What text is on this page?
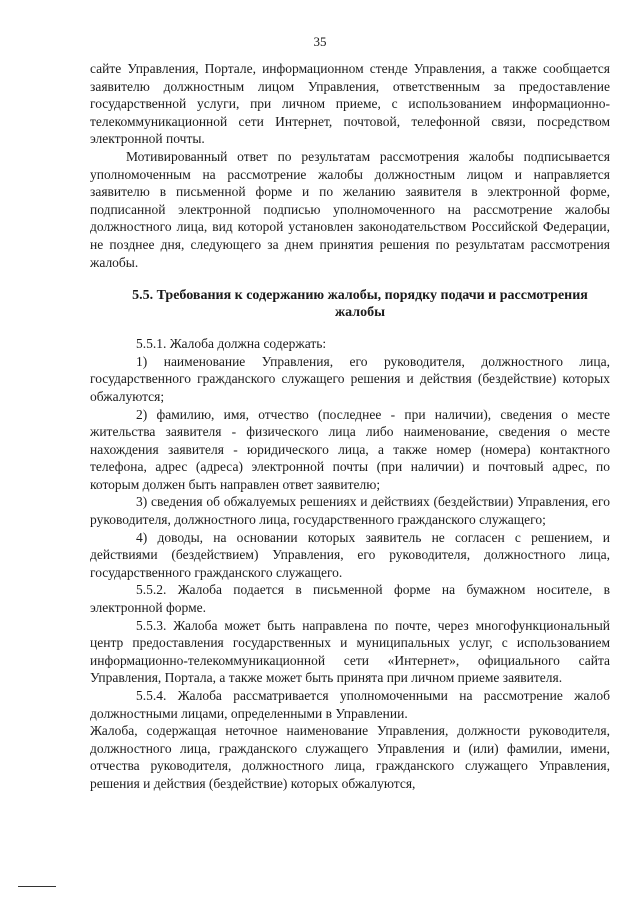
35

сайте Управления, Портале, информационном стенде Управления, а также сообщается заявителю должностным лицом Управления, ответственным за предоставление государственной услуги, при личном приеме, с использованием информационно-телекоммуникационной сети Интернет, почтовой, телефонной связи, посредством электронной почты.

Мотивированный ответ по результатам рассмотрения жалобы подписывается уполномоченным на рассмотрение жалобы должностным лицом и направляется заявителю в письменной форме и по желанию заявителя в электронной форме, подписанной электронной подписью уполномоченного на рассмотрение жалобы должностного лица, вид которой установлен законодательством Российской Федерации, не позднее дня, следующего за днем принятия решения по результатам рассмотрения жалобы.

5.5. Требования к содержанию жалобы, порядку подачи и рассмотрения жалобы

5.5.1. Жалоба должна содержать:

1) наименование Управления, его руководителя, должностного лица, государственного гражданского служащего решения и действия (бездействие) которых обжалуются;

2) фамилию, имя, отчество (последнее - при наличии), сведения о месте жительства заявителя - физического лица либо наименование, сведения о месте нахождения заявителя - юридического лица, а также номер (номера) контактного телефона, адрес (адреса) электронной почты (при наличии) и почтовый адрес, по которым должен быть направлен ответ заявителю;

3) сведения об обжалуемых решениях и действиях (бездействии) Управления, его руководителя, должностного лица, государственного гражданского служащего;

4) доводы, на основании которых заявитель не согласен с решением, и действиями (бездействием) Управления, его руководителя, должностного лица, государственного гражданского служащего.

5.5.2. Жалоба подается в письменной форме на бумажном носителе, в электронной форме.

5.5.3. Жалоба может быть направлена по почте, через многофункциональный центр предоставления государственных и муниципальных услуг, с использованием информационно-телекоммуникационной сети «Интернет», официального сайта Управления, Портала, а также может быть принята при личном приеме заявителя.

5.5.4. Жалоба рассматривается уполномоченными на рассмотрение жалоб должностными лицами, определенными в Управлении.

Жалоба, содержащая неточное наименование Управления, должности руководителя, должностного лица, гражданского служащего Управления и (или) фамилии, имени, отчества руководителя, должностного лица, гражданского служащего Управления, решения и действия (бездействие) которых обжалуются,
